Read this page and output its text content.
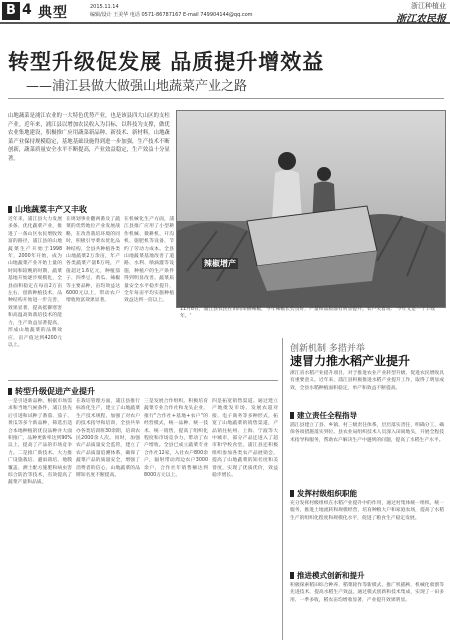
B 4 典型	2015.11.14
编辑/设计 王美华 电话 0571-86787167 E-mail 749904144@qq.com
浙江种植业
浙江农民报
转型升级促发展 品质提升增效益
——浦江县做大做强山地蔬菜产业之路
山地蔬菜是浦江农业的一大特色优势产业，也是该县四大山区的支柱产业。近年来，浦江县以增加农民收入为目标，以科技为支撑，做优农业集地建设，积极推广应用蔬菜新品种、新技术、新材料，山地蔬菜产业保持规模稳定，基地基础设施得到进一步加强，生产技术不断创新，蔬菜质量安全水平不断提高，产业效益稳定，生产效益十分显著。
辣椒增产
11月8日，浦江县农民在田间采摘辣椒，今年辣椒长势良好，产量和品质都有明显提升。农户笑着说：'今年又是一个丰收年。'
山地蔬菜丰产又丰收
近年来，浦江县大力发展多条、优化蔬菜产业，推进了一条山区农民增收致富的路径，浦江县的山地蔬菜生产开始于1998年，2000年开始，成为山地蔬菜产业开始上量的时间和较晚的时期，蔬菜基地开始逐步规模化、全县面积稳定在每亩2万亩左右，创新种植技术，品种结构开始进一步完善，效果显著、提高抵御寒害和高温高效栽培技术的能力，生产效益显著提高，形成山地蔬菜的品牌效应，亩产值达到4200元以上。
在规划事业翻两番及了蔬菜的优势地位产业发展战略，在改善栽培环境的同时，积极引导菜农优化品种结构，全县共种植各类山地蔬菜2万余亩，年产各类蔬菜产量6万吨，产值超过1.6亿元，种植茄子、四季豆、黄瓜、辣椒等主要品种，亩均效益达6000元以上，带动农户增收致富效果显著。
在机械化生产方面，浦江县推广应用了小型耕作机械、微耕机、开沟机、施肥机等设备，节约了劳动力成本。全县山地蔬菜基地改善了道路、水利、喷滴灌等设施，种植户的生产条件得到明显改善。蔬菜质量安全水平稳步提升，全年每亩平均实施种植效益达到一倍以上。
转型升级促进产业提升
一是引进新品种。根据市场需求和当地气候条件，浦江县先后引进和试种了番茄、茄子、黄瓜等多个新品种，筛选出适合本地种植的优良品种并大面积推广，品种更新率达到90%以上，提高了产品的市场竞争力。二是推广新技术。大力推广设施栽培、避雨栽培、地膜覆盖、测土配方施肥和病虫害综合防治等技术，有效提高了蔬菜产量和品质。
在栽培管理方面，浦江县推行标准化生产，建立了山地蔬菜生产技术规程，加强了对农户的技术指导和培训，全县共举办各类培训班30余期，培训农民2000余人次。同时，加强农产品质量安全监管，建立了农产品质量追溯体系，确保了蔬菜产品的质量安全，增强了消费者的信心，山地蔬菜的品牌知名度不断提高。
三是发展合作组织。积极培育蔬菜专业合作社和龙头企业，推行"合作社+基地+农户"的经营模式，统一品种、统一技术、统一销售，提高了组织化程度和市场竞争力，带动了农户增收。全县已成立蔬菜专业合作社12家，入社农户800余户，辐射带动周边农户3000余户，合作社年销售额达到8000万元以上。
四是拓宽销售渠道。通过建立产地批发市场、发展农超对接、电子商务等多种形式，拓宽了山地蔬菜的销售渠道，产品销往杭州、上海、宁波等大中城市，部分产品还进入了超市和学校食堂。浦江县还积极组织参加各类农产品展销会，提高了山地蔬菜的知名度和美誉度，实现了优质优价，效益稳步增长。
创新机制 多措并举
速冒力推水稻产业提升
浙江省水稻产业提升项目，对于推进农业产业转型升级、促进农民增收具有重要意义。近年来，浦江县积极推进水稻产业提升工作，取得了明显成效，全县水稻种植面积稳定，单产和效益不断提高。
建立责任全程指导
浦江县建立了县、乡镇、村三级责任体系，层层落实责任，明确分工，确保各项措施落实到位。县农业局组织技术人员深入田间地头，开展全程技术指导和服务，帮助农户解决生产中遇到的问题，提高了水稻生产水平。
发挥村级组织职能
充分发挥村级组织在水稻产业提升中的作用，通过村集体统一组织、统一服务，推进土地流转和规模经营，培育种粮大户和家庭农场，提高了水稻生产的组织化程度和规模化水平，促进了粮食生产稳定发展。
推进模式创新和提升
积极探索稻田综合种养、稻菜轮作等新模式，推广机插秧、机械化收割等先进技术，提高水稻生产效益。通过模式创新和技术集成，实现了一田多用、一季多收，稻农亩均增收显著，产业提升效果明显。
